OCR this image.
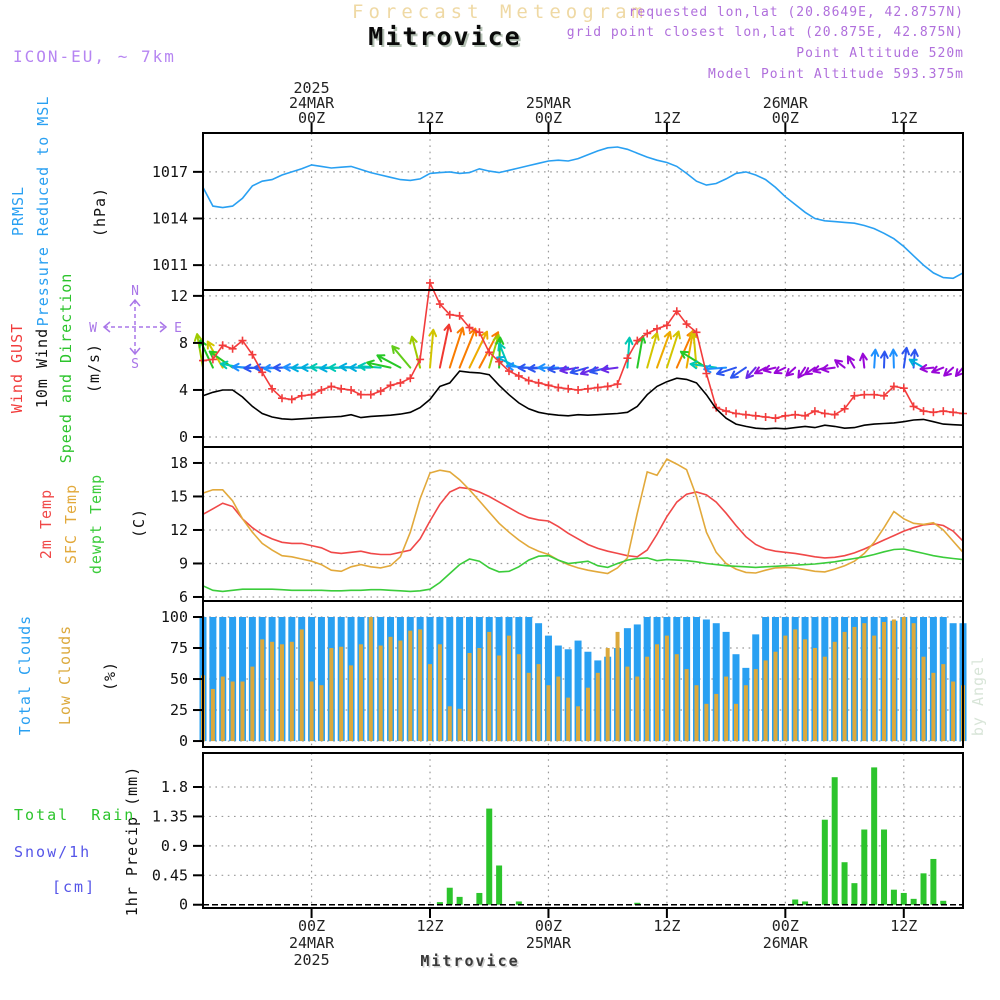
Forecast Meteogram
Mitrovice
requested lon,lat (20.8649E, 42.8757N)
grid point closest lon,lat (20.875E, 42.875N)
Point Altitude 520m
Model Point Altitude 593.375m
ICON-EU, ~ 7km
PRMSL Pressure Reduced to MSL	(hPa)
Wind GUST 10m Wind Speed and Direction (m/s)
2m Temp SFC Temp dewpt Temp (C)
Total Clouds Low Clouds (%)
1hr Precip (mm)
Total  Rain
Snow/1h
[cm]
N
S
W	E
1011
1014
1017
0
4
8
12
6
9
12
15
18
0
25
50
75
100
0
0.45
0.9
1.35
1.8
2025
24MAR
00Z
00Z
24MAR
2025
12Z
12Z
25MAR
00Z
00Z
25MAR
12Z
12Z
26MAR
00Z
00Z
26MAR
12Z
12Z
Mitrovice
by Angel
